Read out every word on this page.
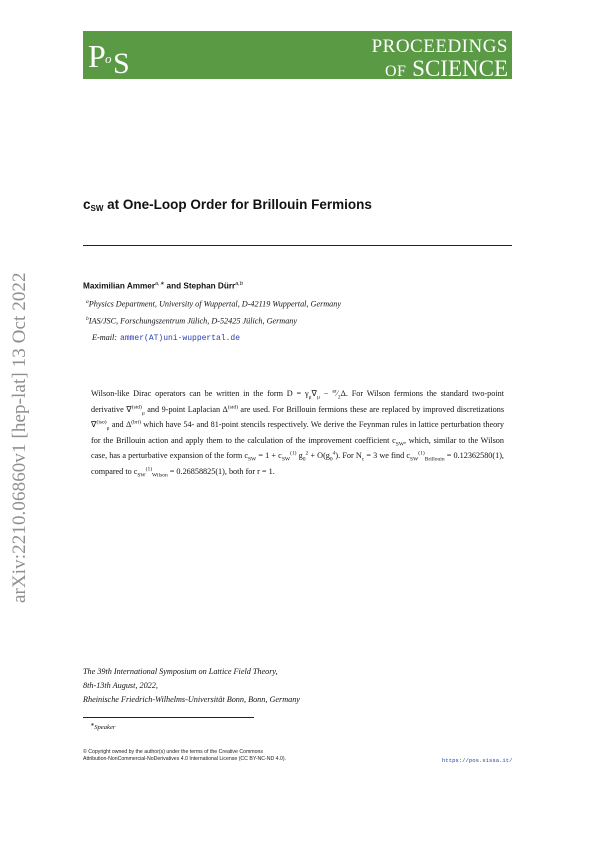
P o S
PROCEEDINGS
OF SCIENCE
arXiv:2210.06860v1 [hep-lat] 13 Oct 2022
$c_{SW}$ at One-Loop Order for Brillouin Fermions
Maximilian Ammer$^{a,∗}$ and Stephan Dürr$^{a,b}$
$^a$Physics Department, University of Wuppertal, D-42119 Wuppertal, Germany
$^b$IAS/JSC, Forschungszentrum Jülich, D-52425 Jülich, Germany
E-mail: ammer(AT)uni-wuppertal.de
Wilson-like Dirac operators can be written in the form $D = \gamma_\mu\nabla_\mu$ − $^{ar}⁄_2\Delta$. For Wilson fermions the standard two-point derivative ∇$^{(std)}_\mu$ and 9-point Laplacian $\Delta^{(std)}$ are used. For Brillouin fermions these are replaced by improved discretizations ∇$^{(iso)}_\mu$ and $\Delta^{(bri)}$ which have 54- and 81-point stencils respectively. We derive the Feynman rules in lattice perturbation theory for the Brillouin action and apply them to the calculation of the improvement coefficient $c_{SW}$, which, similar to the Wilson case, has a perturbative expansion of the form $c_{SW} = 1 + c_{SW}^{(1)}$ $g_0^2 + O(g_0^4)$. For $N_c = 3$ we find $c_{SW}^{(1)}_{Brillouin} = 0.12362580(1)$, compared to $c_{SW}^{(1)}_{Wilson} = 0.26858825(1)$, both for r = 1.
The 39th International Symposium on Lattice Field Theory,
8th-13th August, 2022,
Rheinische Friedrich-Wilhelms-Universität Bonn, Bonn, Germany
∗Speaker
© Copyright owned by the author(s) under the terms of the Creative Commons
Attribution-NonCommercial-NoDerivatives 4.0 International License (CC BY-NC-ND 4.0).	https://pos.sissa.it/
